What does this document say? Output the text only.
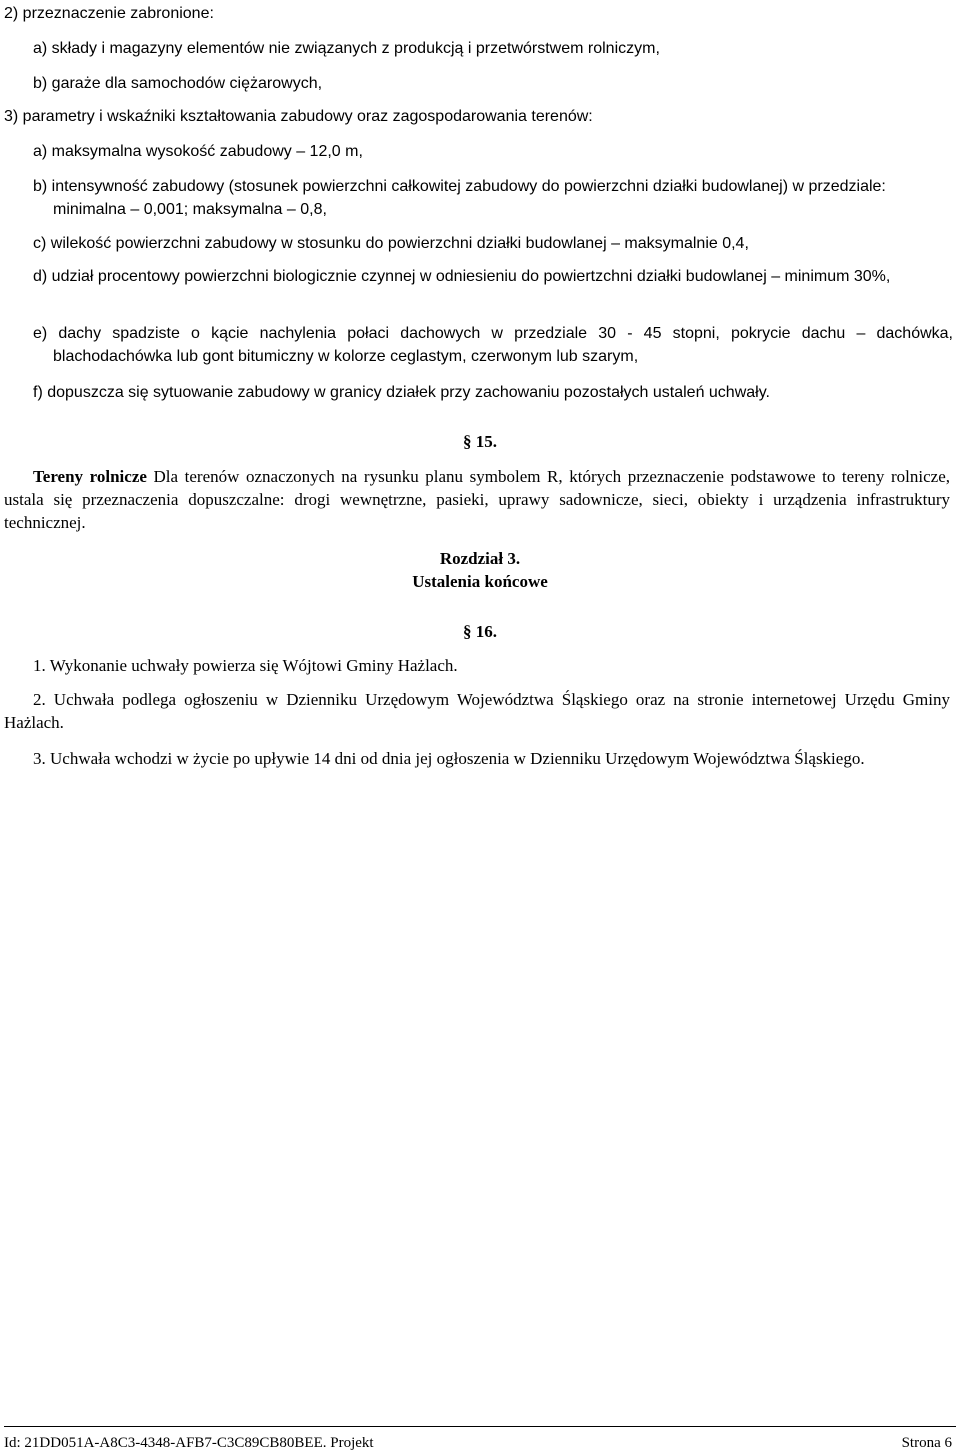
2) przeznaczenie zabronione:
a) składy i magazyny elementów nie związanych z produkcją i przetwórstwem rolniczym,
b) garaże dla samochodów ciężarowych,
3) parametry i wskaźniki kształtowania zabudowy oraz zagospodarowania terenów:
a) maksymalna wysokość zabudowy – 12,0 m,
b) intensywność zabudowy (stosunek powierzchni całkowitej zabudowy do powierzchni działki budowlanej) w przedziale: minimalna – 0,001; maksymalna – 0,8,
c) wilekość powierzchni zabudowy w stosunku do powierzchni działki budowlanej – maksymalnie 0,4,
d) udział procentowy powierzchni biologicznie czynnej w odniesieniu do powiertzchni działki budowlanej – minimum 30%,
e) dachy spadziste o kącie nachylenia połaci dachowych w przedziale 30 - 45 stopni, pokrycie dachu – dachówka, blachodachówka lub gont bitumiczny w kolorze ceglastym, czerwonym lub szarym,
f) dopuszcza się sytuowanie zabudowy w granicy działek przy zachowaniu pozostałych ustaleń uchwały.
§ 15.
Tereny rolnicze Dla terenów oznaczonych na rysunku planu symbolem R, których przeznaczenie podstawowe to tereny rolnicze, ustala się przeznaczenia dopuszczalne: drogi wewnętrzne, pasieki, uprawy sadownicze, sieci, obiekty i urządzenia infrastruktury technicznej.
Rozdział 3.
Ustalenia końcowe
§ 16.
1. Wykonanie uchwały powierza się Wójtowi Gminy Hażlach.
2. Uchwała podlega ogłoszeniu w Dzienniku Urzędowym Województwa Śląskiego oraz na stronie internetowej Urzędu Gminy Hażlach.
3. Uchwała wchodzi w życie po upływie 14 dni od dnia jej ogłoszenia w Dzienniku Urzędowym Województwa Śląskiego.
Id: 21DD051A-A8C3-4348-AFB7-C3C89CB80BEE. Projekt	Strona 6
